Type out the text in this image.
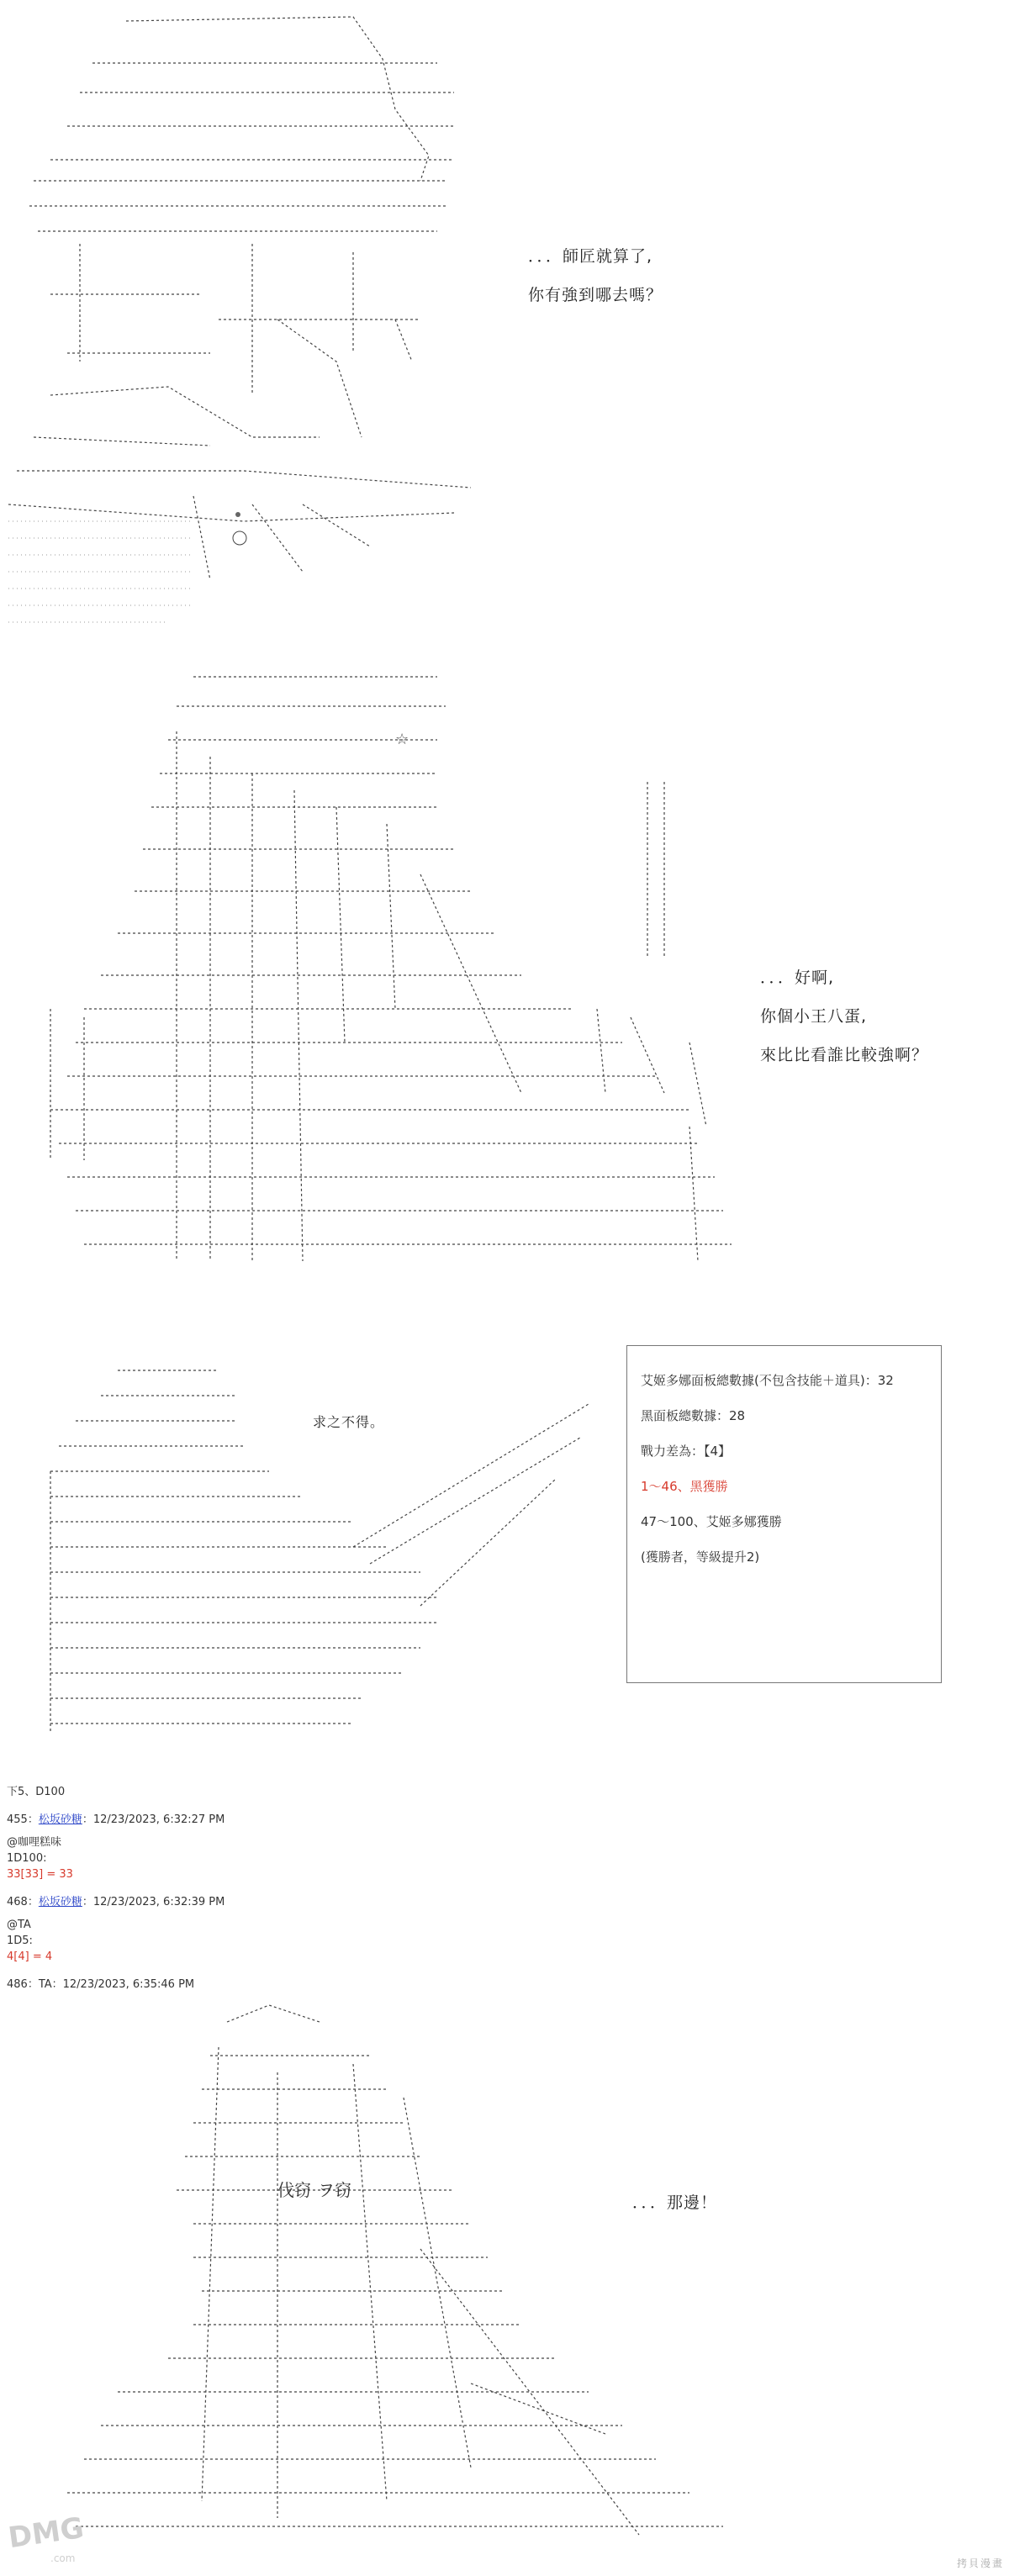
．．．師匠就算了,
你有強到哪去嗎？
☆
．．．好啊,
你個小王八蛋,
來比比看誰比較強啊？
求之不得。
艾姬多娜面板總數據(不包含技能＋道具)：32
黑面板總數據：28
戰力差為：【4】
1～46、黑獲勝
47～100、艾姬多娜獲勝
(獲勝者，等級提升2)
下5、D100
455：松坂砂糖：12/23/2023, 6:32:27 PM
@咖哩糕味
1D100:
33[33] = 33
468：松坂砂糖：12/23/2023, 6:32:39 PM
@TA
1D5:
4[4] = 4
486：TA：12/23/2023, 6:35:46 PM
伐窃 ヲ窃
．．．那邊！
DMG
.com	拷貝漫畫
